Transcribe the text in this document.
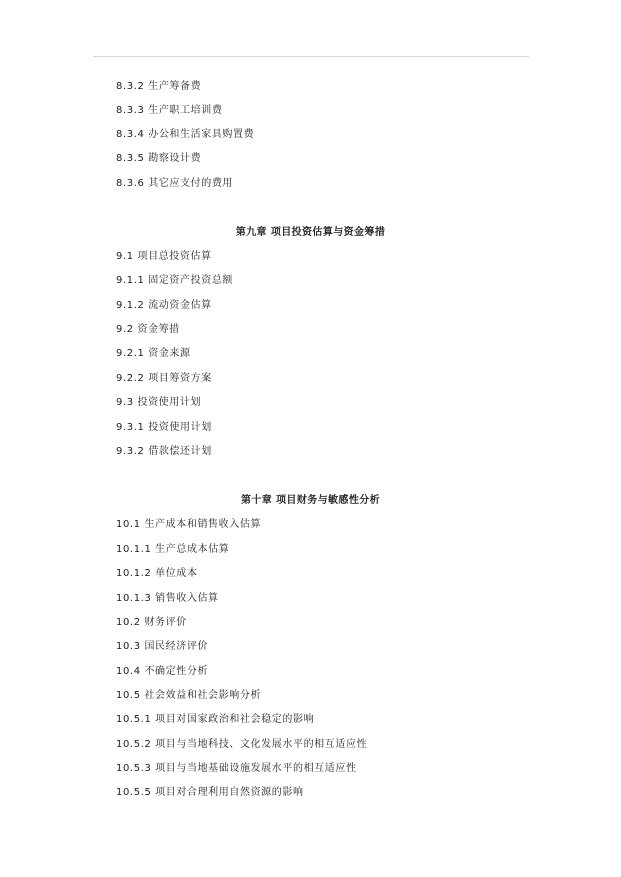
8.3.2 生产筹备费
8.3.3 生产职工培训费
8.3.4 办公和生活家具购置费
8.3.5 勘察设计费
8.3.6 其它应支付的费用
第九章 项目投资估算与资金筹措
9.1 项目总投资估算
9.1.1 固定资产投资总额
9.1.2 流动资金估算
9.2 资金筹措
9.2.1 资金来源
9.2.2 项目筹资方案
9.3 投资使用计划
9.3.1 投资使用计划
9.3.2 借款偿还计划
第十章 项目财务与敏感性分析
10.1 生产成本和销售收入估算
10.1.1 生产总成本估算
10.1.2 单位成本
10.1.3 销售收入估算
10.2 财务评价
10.3 国民经济评价
10.4 不确定性分析
10.5 社会效益和社会影响分析
10.5.1 项目对国家政治和社会稳定的影响
10.5.2 项目与当地科技、文化发展水平的相互适应性
10.5.3 项目与当地基础设施发展水平的相互适应性
10.5.5 项目对合理利用自然资源的影响
